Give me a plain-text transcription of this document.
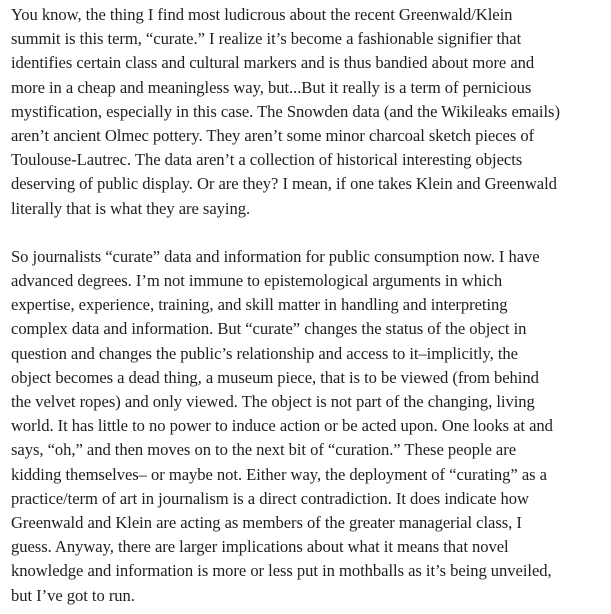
You know, the thing I find most ludicrous about the recent Greenwald/Klein
summit is this term, “curate.” I realize it’s become a fashionable signifier that
identifies certain class and cultural markers and is thus bandied about more and
more in a cheap and meaningless way, but...But it really is a term of pernicious
mystification, especially in this case. The Snowden data (and the Wikileaks emails)
aren’t ancient Olmec pottery. They aren’t some minor charcoal sketch pieces of
Toulouse-Lautrec. The data aren’t a collection of historical interesting objects
deserving of public display. Or are they? I mean, if one takes Klein and Greenwald
literally that is what they are saying.

So journalists “curate” data and information for public consumption now. I have
advanced degrees. I’m not immune to epistemological arguments in which
expertise, experience, training, and skill matter in handling and interpreting
complex data and information. But “curate” changes the status of the object in
question and changes the public’s relationship and access to it–implicitly, the
object becomes a dead thing, a museum piece, that is to be viewed (from behind
the velvet ropes) and only viewed. The object is not part of the changing, living
world. It has little to no power to induce action or be acted upon. One looks at and
says, “oh,” and then moves on to the next bit of “curation.” These people are
kidding themselves– or maybe not. Either way, the deployment of “curating” as a
practice/term of art in journalism is a direct contradiction. It does indicate how
Greenwald and Klein are acting as members of the greater managerial class, I
guess. Anyway, there are larger implications about what it means that novel
knowledge and information is more or less put in mothballs as it’s being unveiled,
but I’ve got to run.
